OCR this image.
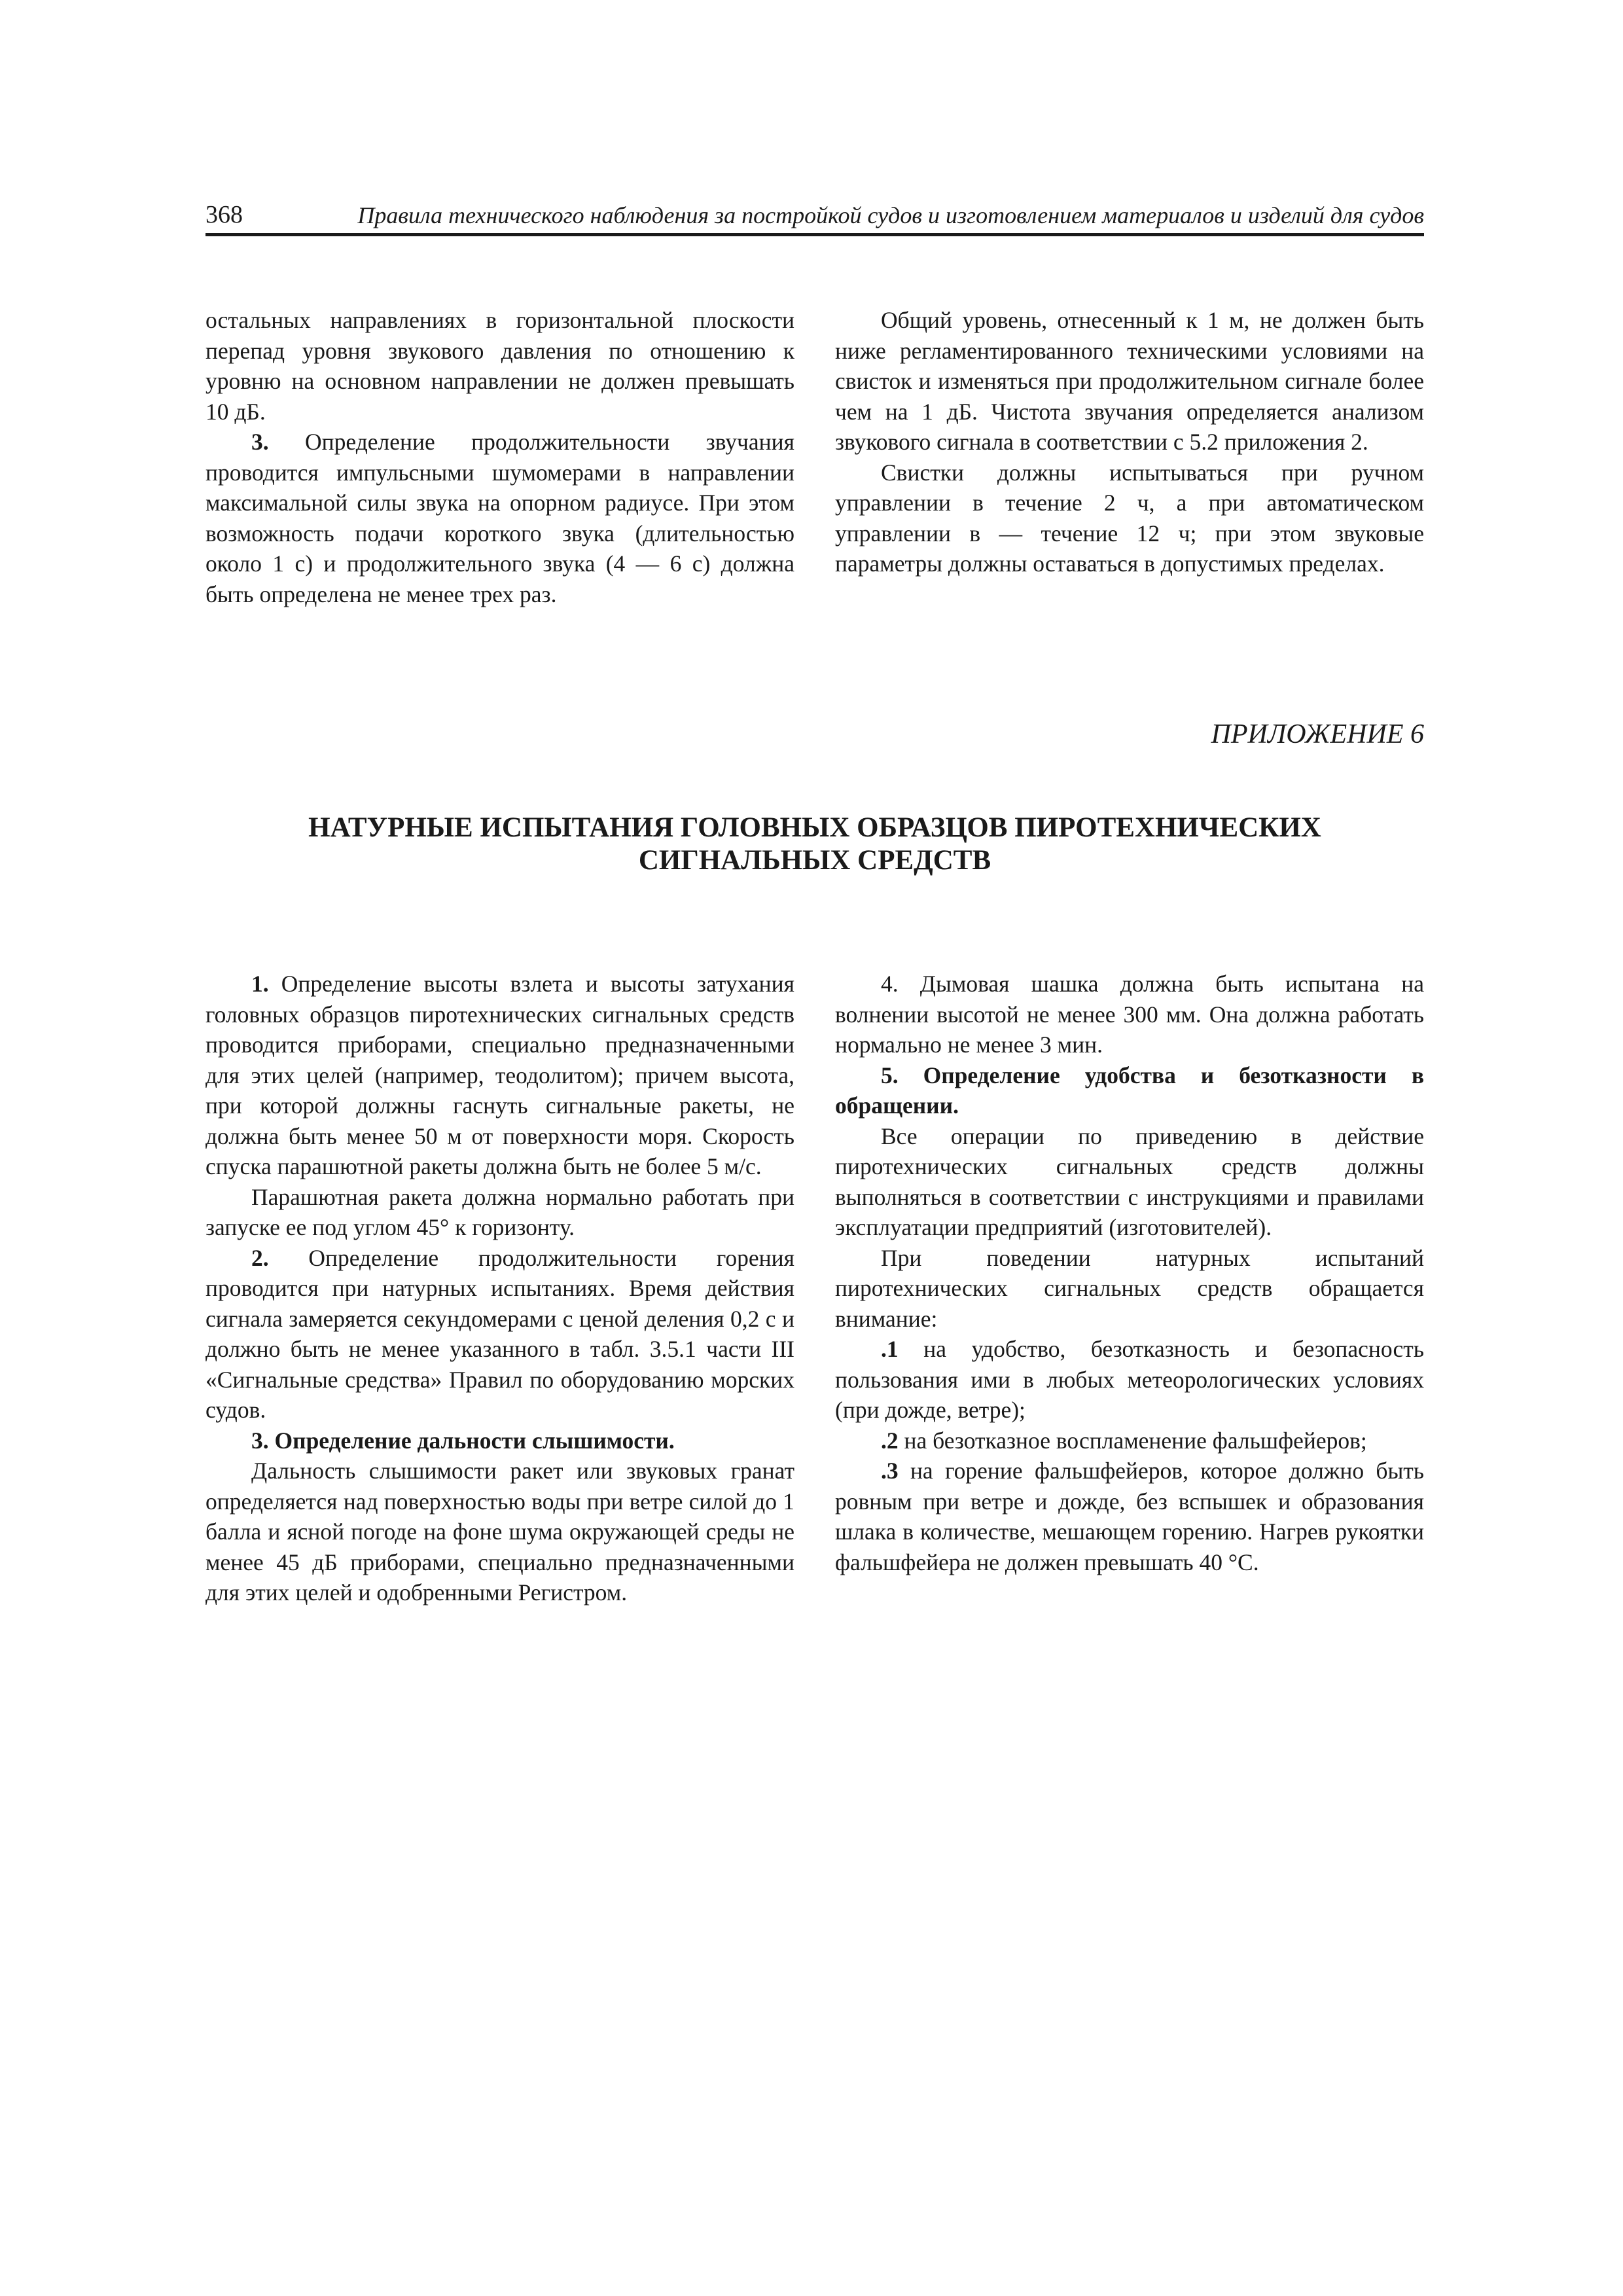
368	Правила технического наблюдения за постройкой судов и изготовлением материалов и изделий для судов

остальных направлениях в горизонтальной плоскости перепад уровня звукового давления по отношению к уровню на основном направлении не должен превышать 10 дБ.

3. Определение продолжительности звучания проводится импульсными шумомерами в направлении максимальной силы звука на опорном радиусе. При этом возможность подачи короткого звука (длительностью около 1 с) и продолжительного звука (4 — 6 с) должна быть определена не менее трех раз.

Общий уровень, отнесенный к 1 м, не должен быть ниже регламентированного техническими условиями на свисток и изменяться при продолжительном сигнале более чем на 1 дБ. Чистота звучания определяется анализом звукового сигнала в соответствии с 5.2 приложения 2.

Свистки должны испытываться при ручном управлении в течение 2 ч, а при автоматическом управлении в — течение 12 ч; при этом звуковые параметры должны оставаться в допустимых пределах.

ПРИЛОЖЕНИЕ 6
НАТУРНЫЕ ИСПЫТАНИЯ ГОЛОВНЫХ ОБРАЗЦОВ ПИРОТЕХНИЧЕСКИХ
СИГНАЛЬНЫХ СРЕДСТВ

1. Определение высоты взлета и высоты затухания головных образцов пиротехнических сигнальных средств проводится приборами, специально предназначенными для этих целей (например, теодолитом); причем высота, при которой должны гаснуть сигнальные ракеты, не должна быть менее 50 м от поверхности моря. Скорость спуска парашютной ракеты должна быть не более 5 м/с.

Парашютная ракета должна нормально работать при запуске ее под углом 45° к горизонту.

2. Определение продолжительности горения проводится при натурных испытаниях. Время действия сигнала замеряется секундомерами с ценой деления 0,2 с и должно быть не менее указанного в табл. 3.5.1 части III «Сигнальные средства» Правил по оборудованию морских судов.

3. Определение дальности слышимости.

Дальность слышимости ракет или звуковых гранат определяется над поверхностью воды при ветре силой до 1 балла и ясной погоде на фоне шума окружающей среды не менее 45 дБ приборами, специально предназначенными для этих целей и одобренными Регистром.

4. Дымовая шашка должна быть испытана на волнении высотой не менее 300 мм. Она должна работать нормально не менее 3 мин.

5. Определение удобства и безотказности в обращении.

Все операции по приведению в действие пиротехнических сигнальных средств должны выполняться в соответствии с инструкциями и правилами эксплуатации предприятий (изготовителей).

При поведении натурных испытаний пиротехнических сигнальных средств обращается внимание:

.1 на удобство, безотказность и безопасность пользования ими в любых метеорологических условиях (при дожде, ветре);

.2 на безотказное воспламенение фальшфейеров;

.3 на горение фальшфейеров, которое должно быть ровным при ветре и дожде, без вспышек и образования шлака в количестве, мешающем горению. Нагрев рукоятки фальшфейера не должен превышать 40 °С.
